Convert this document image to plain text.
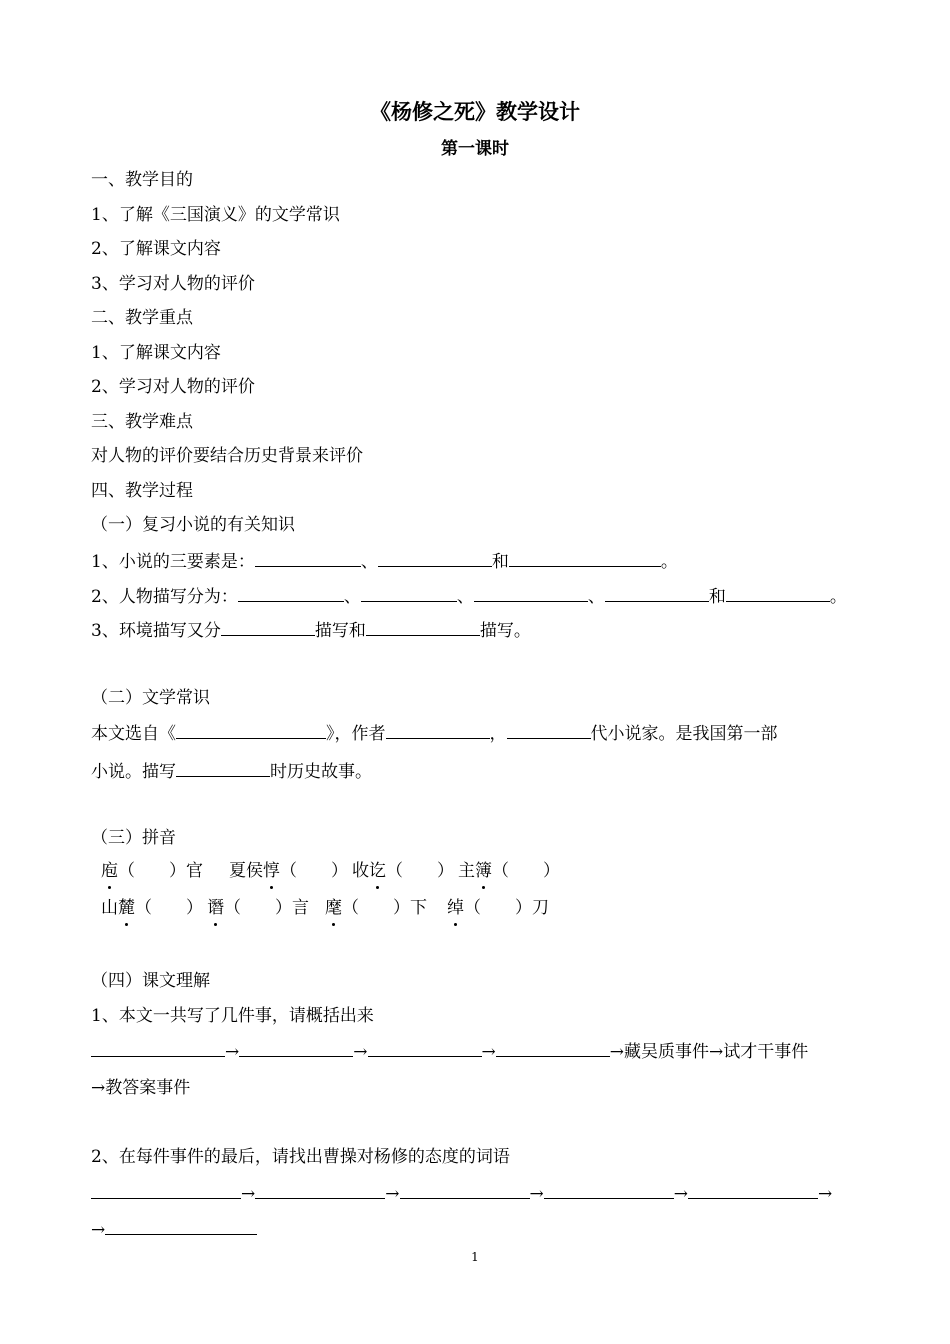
《杨修之死》教学设计
第一课时
一、教学目的
1、了解《三国演义》的文学常识
2、了解课文内容
3、学习对人物的评价
二、教学重点
1、了解课文内容
2、学习对人物的评价
三、教学难点
对人物的评价要结合历史背景来评价
四、教学过程
（一）复习小说的有关知识
1、小说的三要素是：	、	和	。
2、人物描写分为：	、	、	、	和	。
3、环境描写又分	描写和	描写。
（二）文学常识
本文选自《	》，作者	，	代小说家。是我国第一部
小说。描写	时历史故事。
（三）拼音
庖（　　）官 夏侯惇（　　） 收讫（　　） 主簿（　　）
山麓（　　） 谮（　　）言 麾（　　）下 绰（　　）刀
（四）课文理解
1、本文一共写了几件事，请概括出来
→	→	→	→藏吴质事件→试才干事件
→教答案事件
2、在每件事件的最后，请找出曹操对杨修的态度的词语
→	→	→	→	→
→
1
